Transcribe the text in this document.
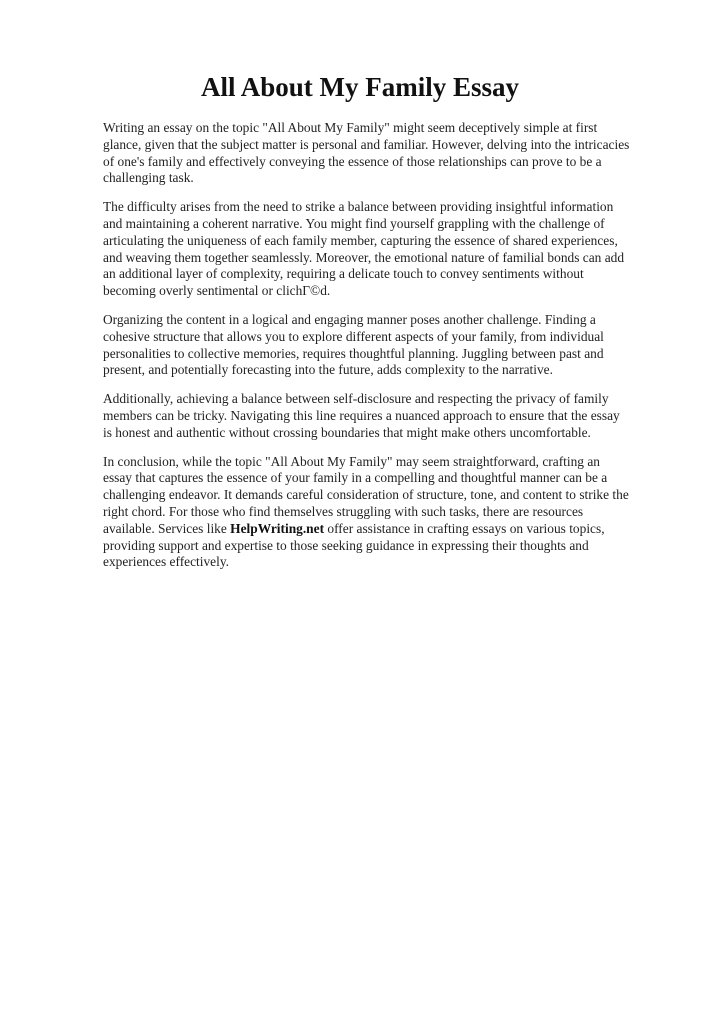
All About My Family Essay

Writing an essay on the topic "All About My Family" might seem deceptively simple at first glance, given that the subject matter is personal and familiar. However, delving into the intricacies of one's family and effectively conveying the essence of those relationships can prove to be a challenging task.

The difficulty arises from the need to strike a balance between providing insightful information and maintaining a coherent narrative. You might find yourself grappling with the challenge of articulating the uniqueness of each family member, capturing the essence of shared experiences, and weaving them together seamlessly. Moreover, the emotional nature of familial bonds can add an additional layer of complexity, requiring a delicate touch to convey sentiments without becoming overly sentimental or clichГ©d.

Organizing the content in a logical and engaging manner poses another challenge. Finding a cohesive structure that allows you to explore different aspects of your family, from individual personalities to collective memories, requires thoughtful planning. Juggling between past and present, and potentially forecasting into the future, adds complexity to the narrative.

Additionally, achieving a balance between self-disclosure and respecting the privacy of family members can be tricky. Navigating this line requires a nuanced approach to ensure that the essay is honest and authentic without crossing boundaries that might make others uncomfortable.

In conclusion, while the topic "All About My Family" may seem straightforward, crafting an essay that captures the essence of your family in a compelling and thoughtful manner can be a challenging endeavor. It demands careful consideration of structure, tone, and content to strike the right chord. For those who find themselves struggling with such tasks, there are resources available. Services like HelpWriting.net offer assistance in crafting essays on various topics, providing support and expertise to those seeking guidance in expressing their thoughts and experiences effectively.
